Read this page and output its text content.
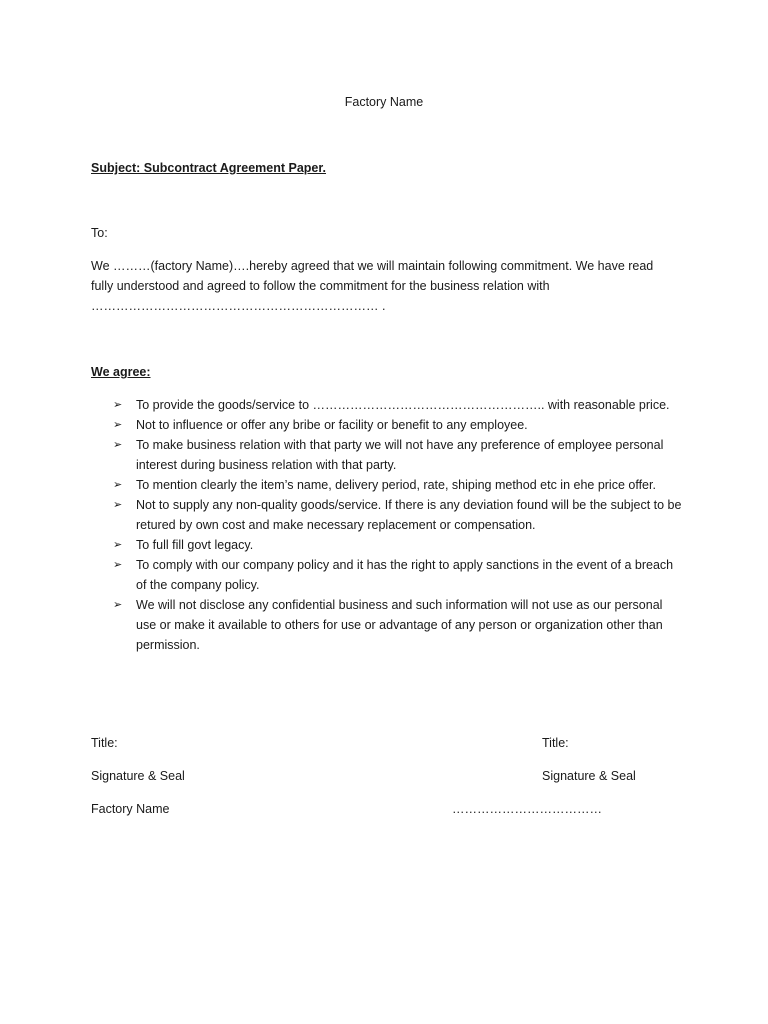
Factory Name
Subject: Subcontract Agreement Paper.
To:

We ………(factory Name)….hereby agreed that we will maintain following commitment. We have read

fully understood and agreed to follow the commitment for the business relation with

…………………………………………………………… .

We agree:
➢ To provide the goods/service to ……………………………………………….. with reasonable price.
➢ Not to influence or offer any bribe or facility or benefit to any employee.
➢ To make business relation with that party we will not have any preference of employee personal interest during business relation with that party.
➢ To mention clearly the item’s name, delivery period, rate, shiping method etc in ehe price offer.
➢ Not to supply any non-quality goods/service. If there is any deviation found will be the subject to be retured by own cost and make necessary replacement or compensation.
➢ To full fill govt legacy.
➢ To comply with our company policy and it has the right to apply sanctions in the event of a breach of the company policy.
➢ We will not disclose any confidential business and such information will not use as our personal use or make it available to others for use or advantage of any person or organization other than permission.
Title:
Signature & Seal
Factory Name
Title:
Signature & Seal
………………………………
